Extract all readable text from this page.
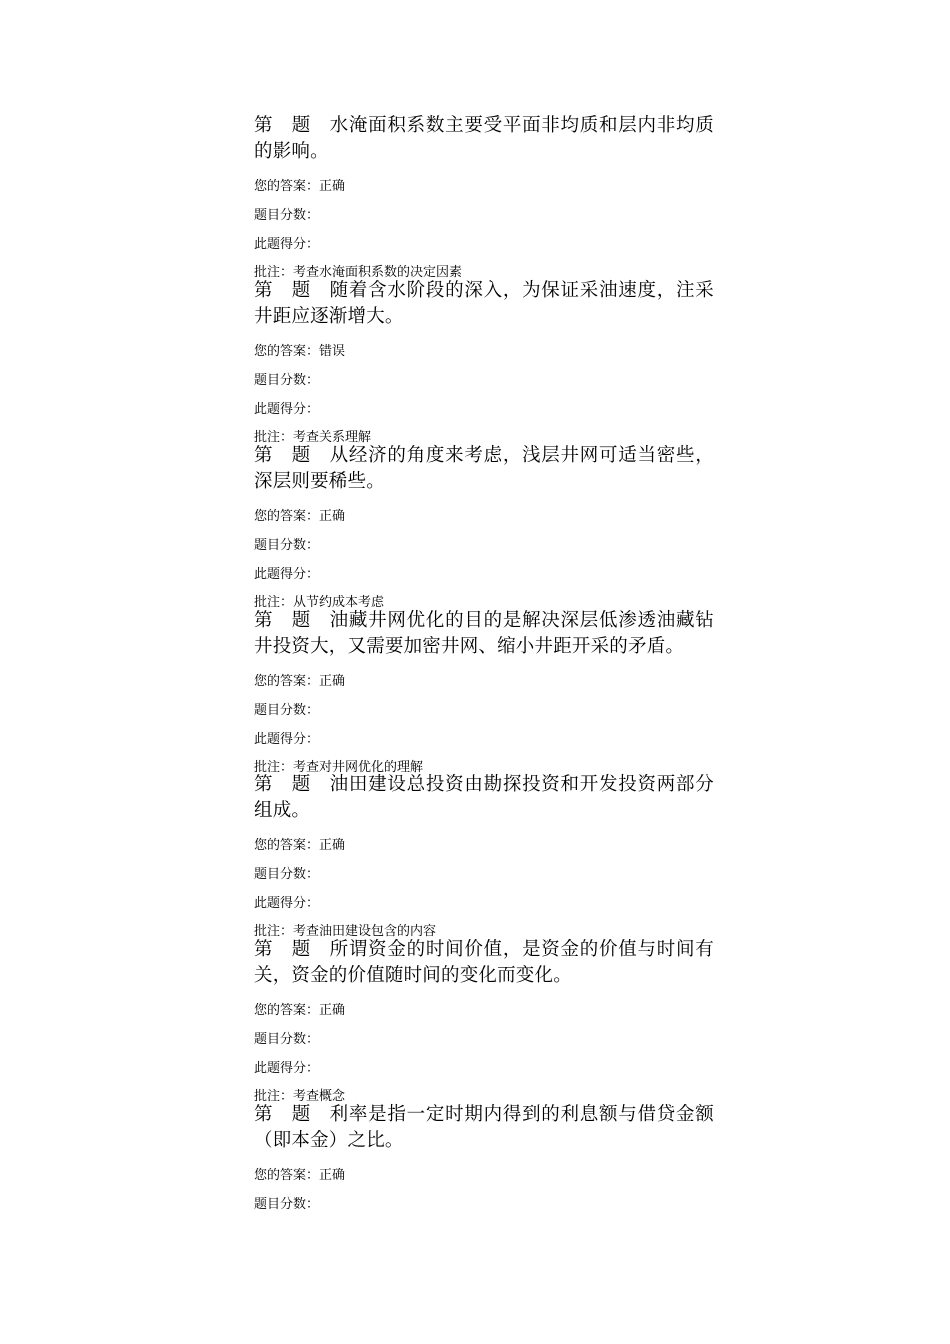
第 题 水淹面积系数主要受平面非均质和层内非均质的影响。

您的答案：正确

题目分数：

此题得分：

批注：考查水淹面积系数的决定因素

第 题 随着含水阶段的深入，为保证采油速度，注采井距应逐渐增大。

您的答案：错误

题目分数：

此题得分：

批注：考查关系理解

第 题 从经济的角度来考虑，浅层井网可适当密些，深层则要稀些。

您的答案：正确

题目分数：

此题得分：

批注：从节约成本考虑

第 题 油藏井网优化的目的是解决深层低渗透油藏钻井投资大，又需要加密井网、缩小井距开采的矛盾。

您的答案：正确

题目分数：

此题得分：

批注：考查对井网优化的理解

第 题 油田建设总投资由勘探投资和开发投资两部分组成。

您的答案：正确

题目分数：

此题得分：

批注：考查油田建设包含的内容

第 题 所谓资金的时间价值，是资金的价值与时间有关，资金的价值随时间的变化而变化。

您的答案：正确

题目分数：

此题得分：

批注：考查概念

第 题 利率是指一定时期内得到的利息额与借贷金额（即本金）之比。

您的答案：正确

题目分数：
